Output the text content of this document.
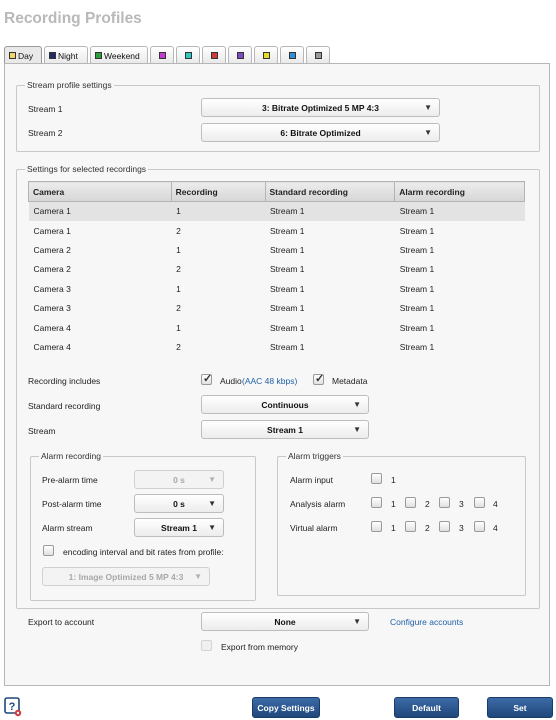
Recording Profiles
Day	Night	Weekend
Stream profile settings
Stream 1	3: Bitrate Optimized 5 MP 4:3	▼
Stream 2	6: Bitrate Optimized	▼
Settings for selected recordings
Camera	Recording	Standard recording	Alarm recording
Camera 1	1	Stream 1	Stream 1
Camera 1	2	Stream 1	Stream 1
Camera 2	1	Stream 1	Stream 1
Camera 2	2	Stream 1	Stream 1
Camera 3	1	Stream 1	Stream 1
Camera 3	2	Stream 1	Stream 1
Camera 4	1	Stream 1	Stream 1
Camera 4	2	Stream 1	Stream 1
Recording includes ✓	Audio (AAC 48 kbps) ✓	Metadata
Standard recording	Continuous	▼
Stream	Stream 1	▼
Alarm recording
Pre-alarm time	0 s	▼
Post-alarm time	0 s	▼
Alarm stream	Stream 1 ▼
encoding interval and bit rates from profile:
1: Image Optimized 5 MP 4:3 ▼
Alarm triggers
Alarm input	1
Analysis alarm	1	2	3	4
Virtual alarm	1	2	3	4
Export to account	None	▼	Configure accounts
Export from memory
?	Copy Settings	Default	Set
